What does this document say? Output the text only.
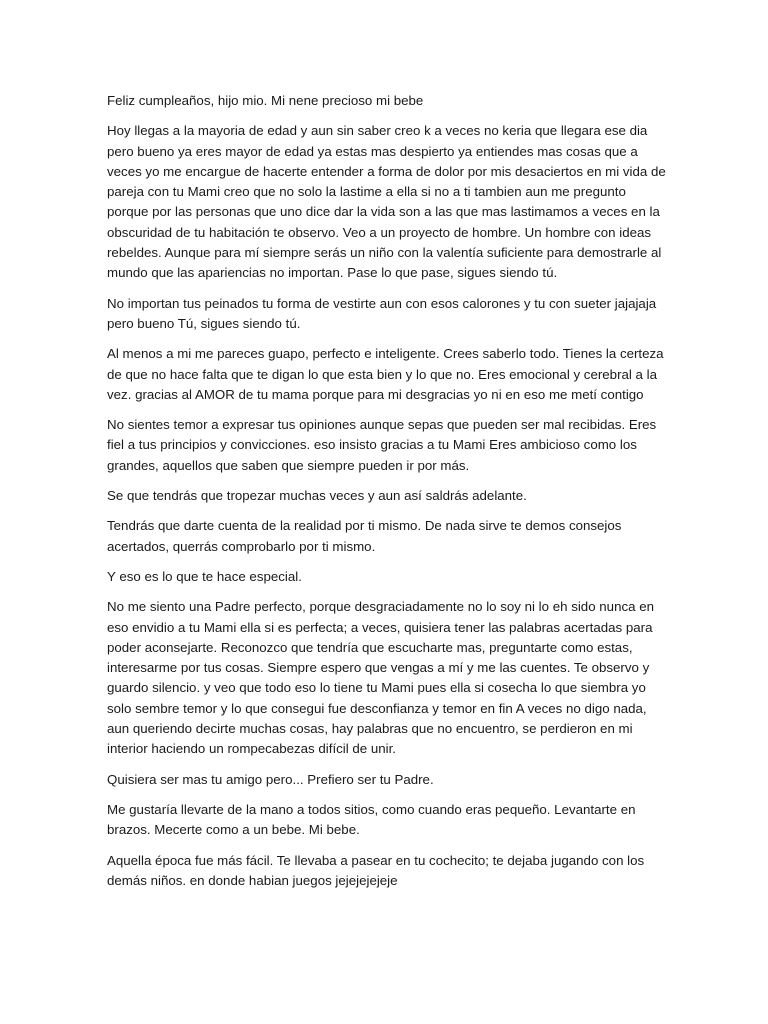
Feliz cumpleaños, hijo mio. Mi nene precioso mi bebe

Hoy llegas a la mayoria de edad y aun sin saber creo k a veces no keria que llegara ese dia pero bueno ya eres mayor de edad ya estas mas despierto ya entiendes mas cosas que a veces yo me encargue de hacerte entender a forma de dolor por mis desaciertos en mi vida de pareja con tu Mami creo que no solo la lastime a ella si no a ti tambien aun me pregunto porque por las personas que uno dice dar la vida son a las que mas lastimamos a veces en la obscuridad de tu habitación te observo. Veo a un proyecto de hombre. Un hombre con ideas rebeldes. Aunque para mí siempre serás un niño con la valentía suficiente para demostrarle al mundo que las apariencias no importan. Pase lo que pase, sigues siendo tú.

No importan tus peinados tu forma de vestirte aun con esos calorones y tu con sueter jajajaja pero bueno Tú, sigues siendo tú.

Al menos a mi me pareces guapo, perfecto e inteligente. Crees saberlo todo. Tienes la certeza de que no hace falta que te digan lo que esta bien y lo que no. Eres emocional y cerebral a la vez. gracias al AMOR de tu mama porque para mi desgracias yo ni en eso me metí contigo

No sientes temor a expresar tus opiniones aunque sepas que pueden ser mal recibidas. Eres fiel a tus principios y convicciones. eso insisto gracias a tu Mami Eres ambicioso como los grandes, aquellos que saben que siempre pueden ir por más.

Se que tendrás que tropezar muchas veces y aun así saldrás adelante.

Tendrás que darte cuenta de la realidad por ti mismo. De nada sirve te demos consejos acertados, querrás comprobarlo por ti mismo.

Y eso es lo que te hace especial.

No me siento una Padre perfecto, porque desgraciadamente no lo soy ni lo eh sido nunca en eso envidio a tu Mami ella si es perfecta; a veces, quisiera tener las palabras acertadas para poder aconsejarte. Reconozco que tendría que escucharte mas, preguntarte como estas, interesarme por tus cosas. Siempre espero que vengas a mí y me las cuentes. Te observo y guardo silencio. y veo que todo eso lo tiene tu Mami pues ella si cosecha lo que siembra yo solo sembre temor y lo que consegui fue desconfianza y temor en fin A veces no digo nada, aun queriendo decirte muchas cosas, hay palabras que no encuentro, se perdieron en mi interior haciendo un rompecabezas difícil de unir.

Quisiera ser mas tu amigo pero... Prefiero ser tu Padre.

Me gustaría llevarte de la mano a todos sitios, como cuando eras pequeño. Levantarte en brazos. Mecerte como a un bebe. Mi bebe.

Aquella época fue más fácil. Te llevaba a pasear en tu cochecito; te dejaba jugando con los demás niños. en donde habian juegos jejejejejeje
